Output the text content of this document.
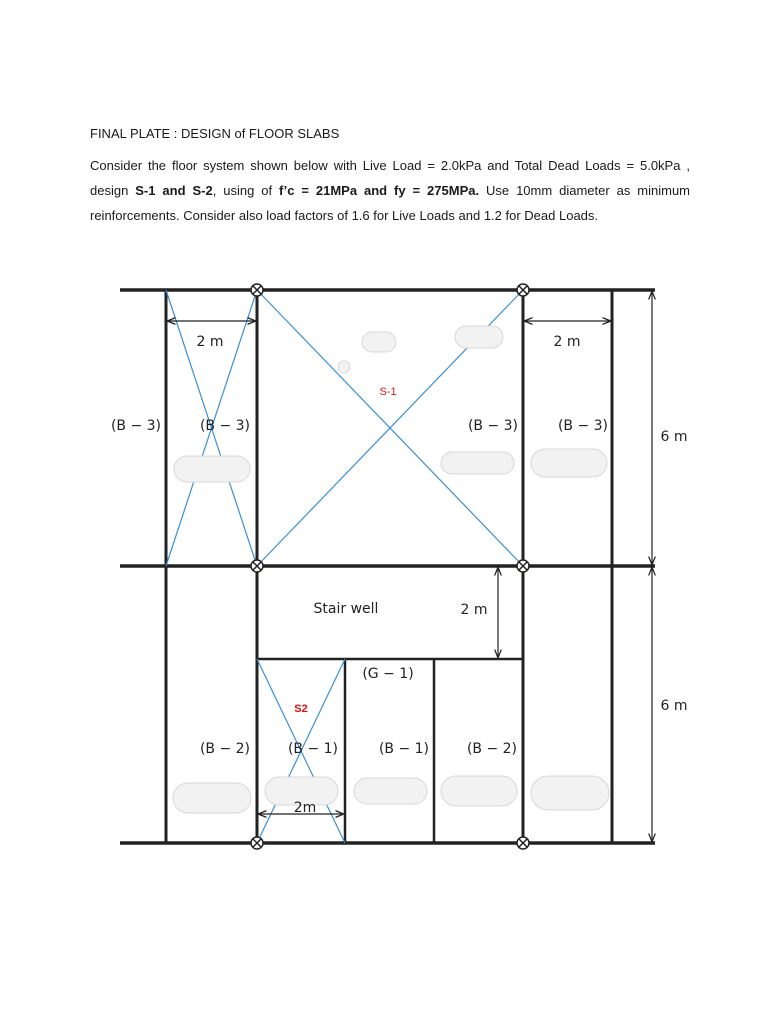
FINAL PLATE : DESIGN of FLOOR SLABS
Consider the floor system shown below with Live Load = 2.0kPa and Total Dead Loads = 5.0kPa , design S-1 and S-2, using of f’c = 21MPa and fy = 275MPa. Use 10mm diameter as minimum reinforcements. Consider also load factors of 1.6 for Live Loads and 1.2 for Dead Loads.
2 m	2 m
6 m
6 m
2 m
2m
S-1
S2
Stair well
(B − 3)	(B − 3)	(B − 3)	(B − 3)
(G − 1)
(B − 2)	(B − 1)	(B − 1)	(B − 2)
